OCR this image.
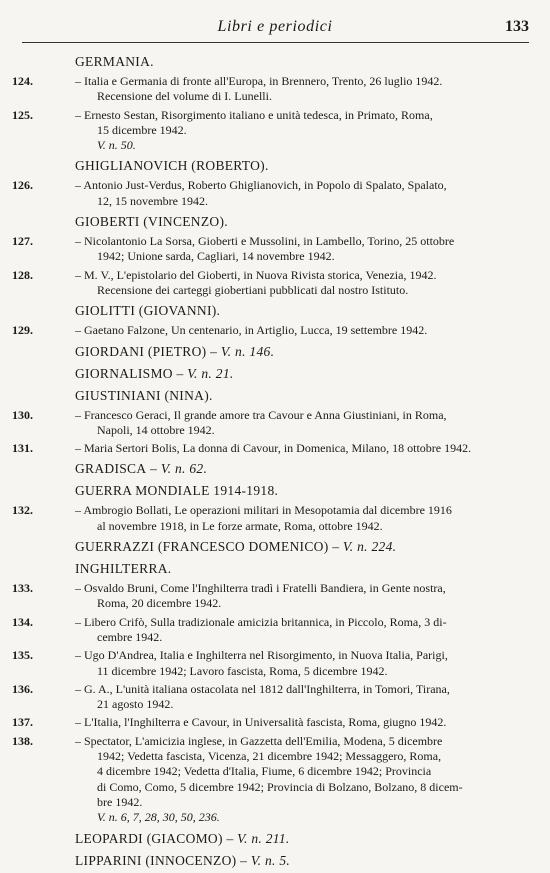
Libri e periodici	133
GERMANIA.
124.	– Italia e Germania di fronte all'Europa, in Brennero, Trento, 26 luglio 1942.
Recensione del volume di I. Lunelli.
125.	– Ernesto Sestan, Risorgimento italiano e unità tedesca, in Primato, Roma,
15 dicembre 1942.
V. n. 50.
GHIGLIANOVICH (ROBERTO).
126.	– Antonio Just-Verdus, Roberto Ghiglianovich, in Popolo di Spalato, Spalato,
12, 15 novembre 1942.
GIOBERTI (VINCENZO).
127.	– Nicolantonio La Sorsa, Gioberti e Mussolini, in Lambello, Torino, 25 ottobre
1942; Unione sarda, Cagliari, 14 novembre 1942.
128.	– M. V., L'epistolario del Gioberti, in Nuova Rivista storica, Venezia, 1942.
Recensione dei carteggi giobertiani pubblicati dal nostro Istituto.
GIOLITTI (GIOVANNI).
129.	– Gaetano Falzone, Un centenario, in Artiglio, Lucca, 19 settembre 1942.
GIORDANI (PIETRO) – V. n. 146.
GIORNALISMO – V. n. 21.
GIUSTINIANI (NINA).
130.	– Francesco Geraci, Il grande amore tra Cavour e Anna Giustiniani, in Roma,
Napoli, 14 ottobre 1942.
131.	– Maria Sertori Bolis, La donna di Cavour, in Domenica, Milano, 18 ottobre 1942.
GRADISCA – V. n. 62.
GUERRA MONDIALE 1914-1918.
132.	– Ambrogio Bollati, Le operazioni militari in Mesopotamia dal dicembre 1916
al novembre 1918, in Le forze armate, Roma, ottobre 1942.
GUERRAZZI (FRANCESCO DOMENICO) – V. n. 224.
INGHILTERRA.
133.	– Osvaldo Bruni, Come l'Inghilterra tradì i Fratelli Bandiera, in Gente nostra,
Roma, 20 dicembre 1942.
134.	– Libero Crifò, Sulla tradizionale amicizia britannica, in Piccolo, Roma, 3 di-
cembre 1942.
135.	– Ugo D'Andrea, Italia e Inghilterra nel Risorgimento, in Nuova Italia, Parigi,
11 dicembre 1942; Lavoro fascista, Roma, 5 dicembre 1942.
136.	– G. A., L'unità italiana ostacolata nel 1812 dall'Inghilterra, in Tomori, Tirana,
21 agosto 1942.
137.	– L'Italia, l'Inghilterra e Cavour, in Universalità fascista, Roma, giugno 1942.
138.	– Spectator, L'amicizia inglese, in Gazzetta dell'Emilia, Modena, 5 dicembre
1942; Vedetta fascista, Vicenza, 21 dicembre 1942; Messaggero, Roma,
4 dicembre 1942; Vedetta d'Italia, Fiume, 6 dicembre 1942; Provincia
di Como, Como, 5 dicembre 1942; Provincia di Bolzano, Bolzano, 8 dicem-
bre 1942.
V. n. 6, 7, 28, 30, 50, 236.
LEOPARDI (GIACOMO) – V. n. 211.
LIPPARINI (INNOCENZO) – V. n. 5.
